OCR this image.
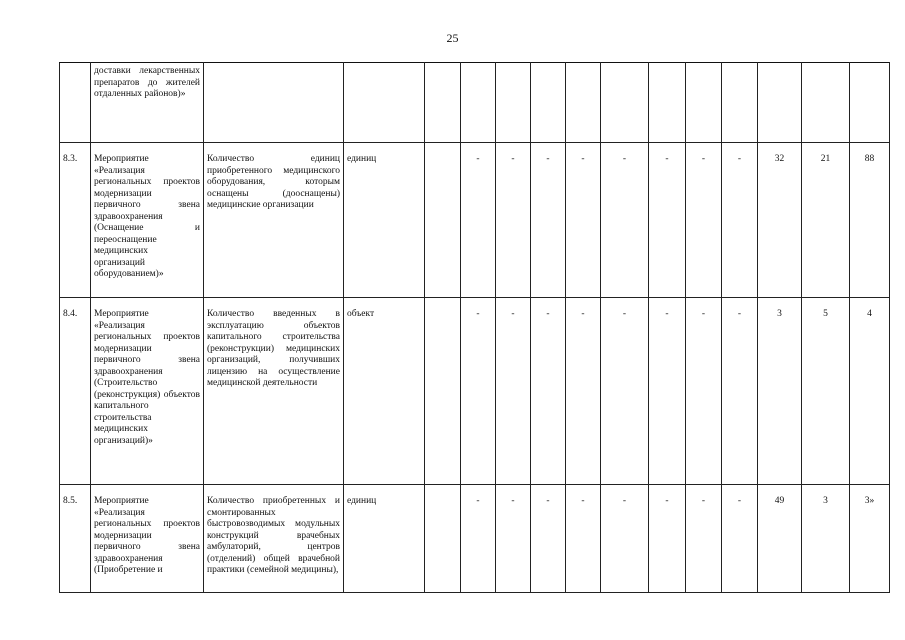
25
	доставки лекарственных препаратов до жителей отдаленных районов)»														
8.3.	Мероприятие «Реализация региональных проектов модернизации первичного звена здравоохранения (Оснащение и переоснащение медицинских организаций оборудованием)»	Количество единиц приобретенного медицинского оборудования, которым оснащены (дооснащены) медицинские организации	единиц		-	-	-	-	-	-	-	-	32	21	88
8.4.	Мероприятие «Реализация региональных проектов модернизации первичного звена здравоохранения (Строительство (реконструкция) объектов капитального строительства медицинских организаций)»	Количество введенных в эксплуатацию объектов капитального строительства (реконструкции) медицинских организаций, получивших лицензию на осуществление медицинской деятельности	объект		-	-	-	-	-	-	-	-	3	5	4
8.5.	Мероприятие «Реализация региональных проектов модернизации первичного звена здравоохранения (Приобретение и	Количество приобретенных и смонтированных быстровозводимых модульных конструкций врачебных амбулаторий, центров (отделений) общей врачебной практики (семейной медицины),	единиц		-	-	-	-	-	-	-	-	49	3	3»
